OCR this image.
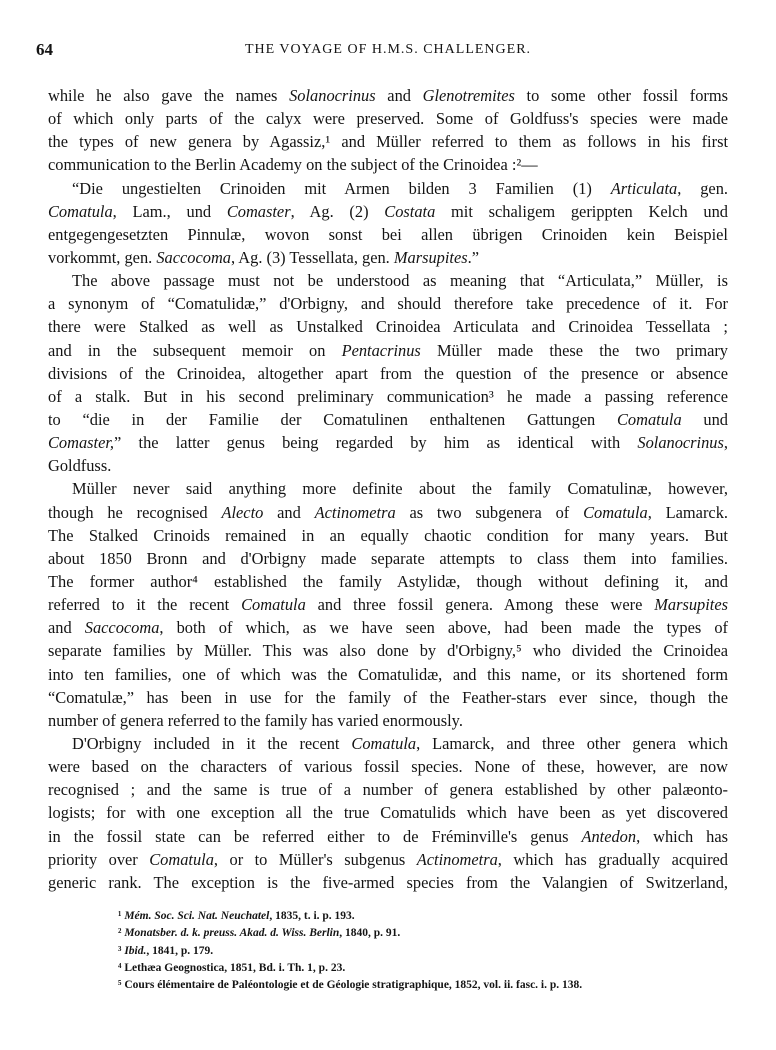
64	THE VOYAGE OF H.M.S. CHALLENGER.
while he also gave the names Solanocrinus and Glenotremites to some other fossil forms
of which only parts of the calyx were preserved. Some of Goldfuss's species were made
the types of new genera by Agassiz,¹ and Müller referred to them as follows in his first
communication to the Berlin Academy on the subject of the Crinoidea :²—
“Die ungestielten Crinoiden mit Armen bilden 3 Familien (1) Articulata, gen.
Comatula, Lam., und Comaster, Ag. (2) Costata mit schaligem gerippten Kelch und
entgegengesetzten Pinnulæ, wovon sonst bei allen übrigen Crinoiden kein Beispiel
vorkommt, gen. Saccocoma, Ag. (3) Tessellata, gen. Marsupites.”
The above passage must not be understood as meaning that “Articulata,” Müller, is
a synonym of “Comatulidæ,” d'Orbigny, and should therefore take precedence of it. For
there were Stalked as well as Unstalked Crinoidea Articulata and Crinoidea Tessellata ;
and in the subsequent memoir on Pentacrinus Müller made these the two primary
divisions of the Crinoidea, altogether apart from the question of the presence or absence
of a stalk. But in his second preliminary communication³ he made a passing reference
to “die in der Familie der Comatulinen enthaltenen Gattungen Comatula und
Comaster,” the latter genus being regarded by him as identical with Solanocrinus,
Goldfuss.
Müller never said anything more definite about the family Comatulinæ, however,
though he recognised Alecto and Actinometra as two subgenera of Comatula, Lamarck.
The Stalked Crinoids remained in an equally chaotic condition for many years. But
about 1850 Bronn and d'Orbigny made separate attempts to class them into families.
The former author⁴ established the family Astylidæ, though without defining it, and
referred to it the recent Comatula and three fossil genera. Among these were Marsupites
and Saccocoma, both of which, as we have seen above, had been made the types of
separate families by Müller. This was also done by d'Orbigny,⁵ who divided the Crinoidea
into ten families, one of which was the Comatulidæ, and this name, or its shortened form
“Comatulæ,” has been in use for the family of the Feather-stars ever since, though the
number of genera referred to the family has varied enormously.
D'Orbigny included in it the recent Comatula, Lamarck, and three other genera which
were based on the characters of various fossil species. None of these, however, are now
recognised ; and the same is true of a number of genera established by other palæonto-
logists; for with one exception all the true Comatulids which have been as yet discovered
in the fossil state can be referred either to de Fréminville's genus Antedon, which has
priority over Comatula, or to Müller's subgenus Actinometra, which has gradually acquired
generic rank. The exception is the five-armed species from the Valangien of Switzerland,
¹ Mém. Soc. Sci. Nat. Neuchatel, 1835, t. i. p. 193.
² Monatsber. d. k. preuss. Akad. d. Wiss. Berlin, 1840, p. 91.
³ Ibid., 1841, p. 179.
⁴ Lethæa Geognostica, 1851, Bd. i. Th. 1, p. 23.
⁵ Cours élémentaire de Paléontologie et de Géologie stratigraphique, 1852, vol. ii. fasc. i. p. 138.
